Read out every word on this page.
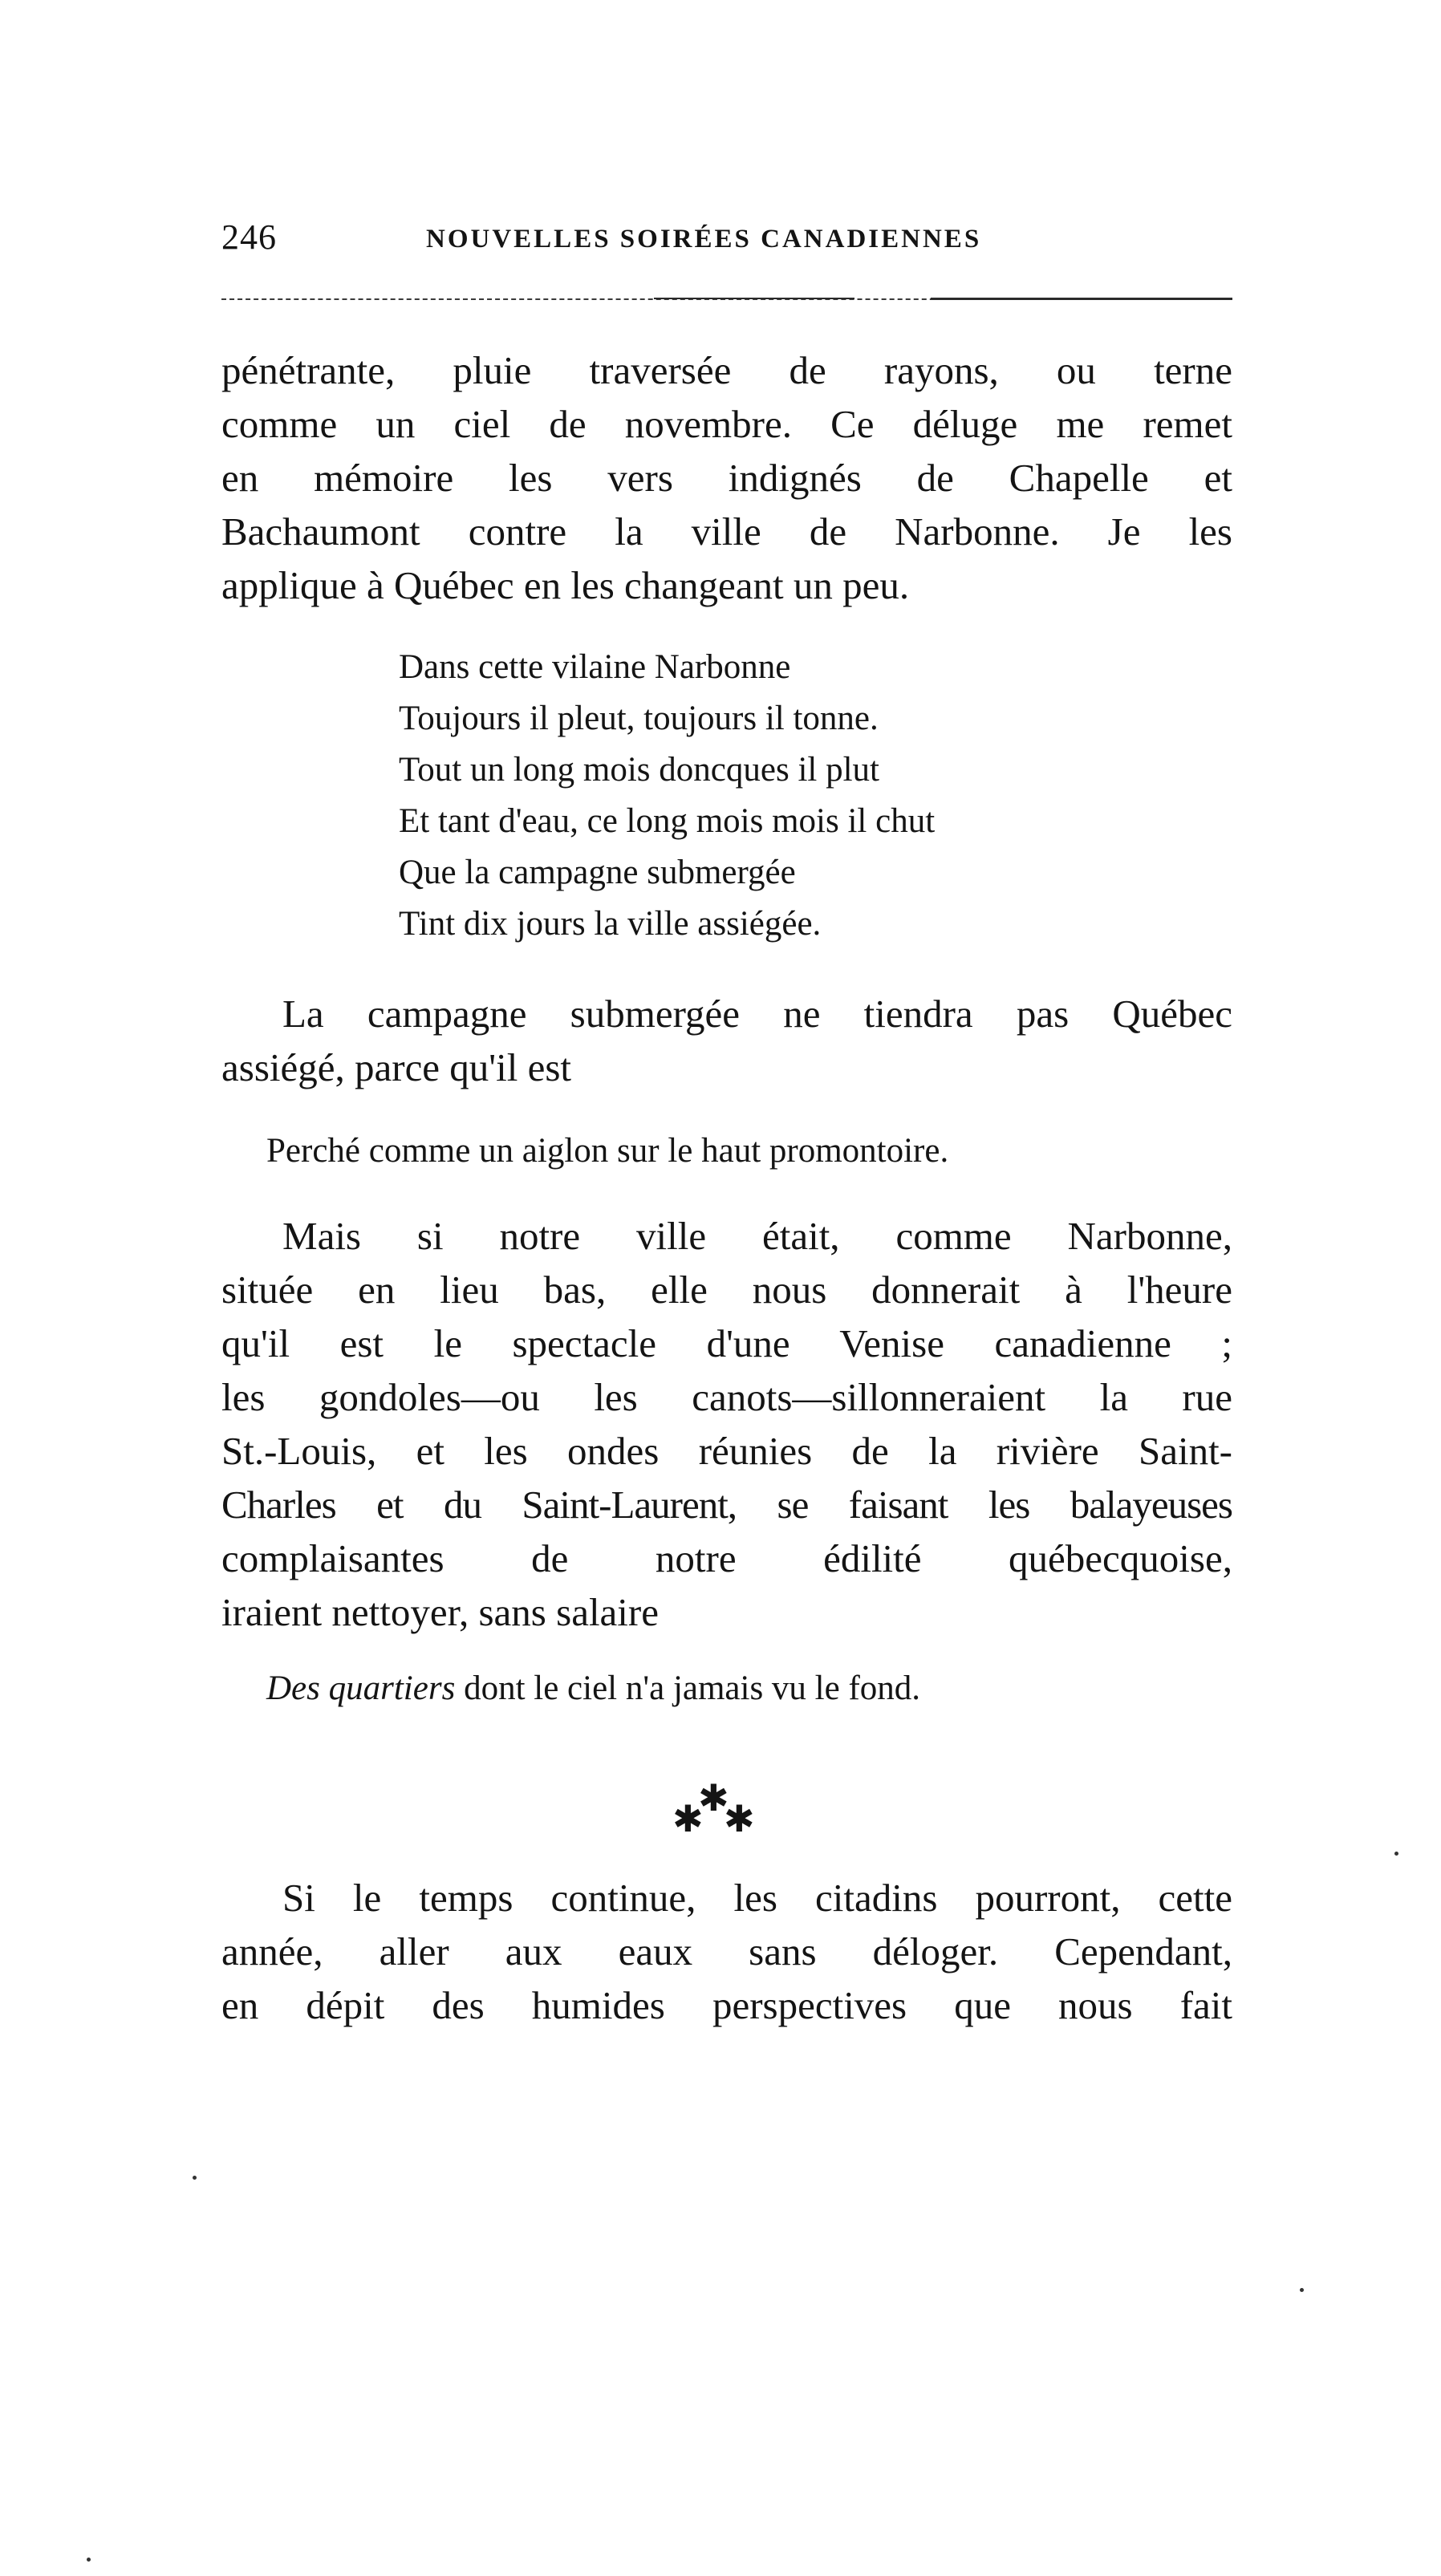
246	NOUVELLES SOIRÉES CANADIENNES
pénétrante, pluie traversée de rayons, ou terne
comme un ciel de novembre. Ce déluge me remet
en mémoire les vers indignés de Chapelle et
Bachaumont contre la ville de Narbonne. Je les
applique à Québec en les changeant un peu.
Dans cette vilaine Narbonne
Toujours il pleut, toujours il tonne.
Tout un long mois doncques il plut
Et tant d'eau, ce long mois mois il chut
Que la campagne submergée
Tint dix jours la ville assiégée.
La campagne submergée ne tiendra pas Québec
assiégé, parce qu'il est
Perché comme un aiglon sur le haut promontoire.
Mais si notre ville était, comme Narbonne,
située en lieu bas, elle nous donnerait à l'heure
qu'il est le spectacle d'une Venise canadienne ;
les gondoles—ou les canots—sillonneraient la rue
St.-Louis, et les ondes réunies de la rivière Saint-
Charles et du Saint-Laurent, se faisant les balayeuses
complaisantes de notre édilité québecquoise,
iraient nettoyer, sans salaire
Des quartiers dont le ciel n'a jamais vu le fond.
✱
✱
✱
Si le temps continue, les citadins pourront, cette
année, aller aux eaux sans déloger. Cependant,
en dépit des humides perspectives que nous fait
